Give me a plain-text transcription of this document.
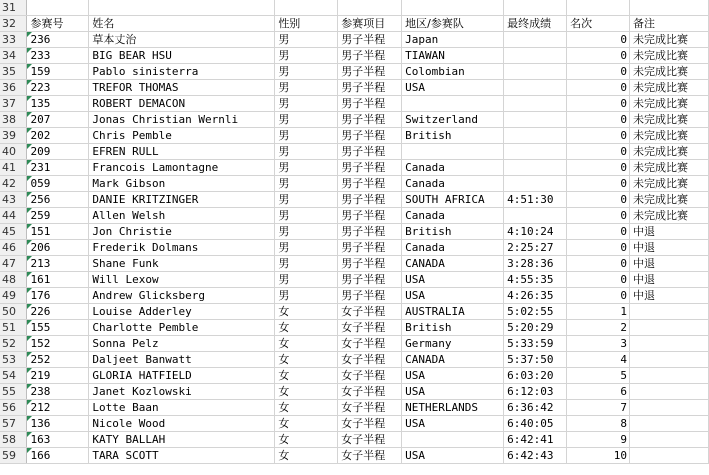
31								
32	参赛号	姓名	性别	参赛项目	地区/参赛队	最终成绩	名次	备注
33	236	草本丈治	男	男子半程	Japan		0	未完成比赛
34	233	BIG BEAR HSU	男	男子半程	TIAWAN		0	未完成比赛
35	159	Pablo sinisterra	男	男子半程	Colombian		0	未完成比赛
36	223	TREFOR THOMAS	男	男子半程	USA		0	未完成比赛
37	135	ROBERT DEMACON	男	男子半程			0	未完成比赛
38	207	Jonas Christian Wernli	男	男子半程	Switzerland		0	未完成比赛
39	202	Chris Pemble	男	男子半程	British		0	未完成比赛
40	209	EFREN RULL	男	男子半程			0	未完成比赛
41	231	Francois Lamontagne	男	男子半程	Canada		0	未完成比赛
42	059	Mark Gibson	男	男子半程	Canada		0	未完成比赛
43	256	DANIE KRITZINGER	男	男子半程	SOUTH AFRICA	4:51:30	0	未完成比赛
44	259	Allen Welsh	男	男子半程	Canada		0	未完成比赛
45	151	Jon Christie	男	男子半程	British	4:10:24	0	中退
46	206	Frederik Dolmans	男	男子半程	Canada	2:25:27	0	中退
47	213	Shane Funk	男	男子半程	CANADA	3:28:36	0	中退
48	161	Will Lexow	男	男子半程	USA	4:55:35	0	中退
49	176	Andrew Glicksberg	男	男子半程	USA	4:26:35	0	中退
50	226	Louise Adderley	女	女子半程	AUSTRALIA	5:02:55	1	
51	155	Charlotte Pemble	女	女子半程	British	5:20:29	2	
52	152	Sonna Pelz	女	女子半程	Germany	5:33:59	3	
53	252	Daljeet Banwatt	女	女子半程	CANADA	5:37:50	4	
54	219	GLORIA HATFIELD	女	女子半程	USA	6:03:20	5	
55	238	Janet Kozlowski	女	女子半程	USA	6:12:03	6	
56	212	Lotte Baan	女	女子半程	NETHERLANDS	6:36:42	7	
57	136	Nicole Wood	女	女子半程	USA	6:40:05	8	
58	163	KATY BALLAH	女	女子半程		6:42:41	9	
59	166	TARA SCOTT	女	女子半程	USA	6:42:43	10	
